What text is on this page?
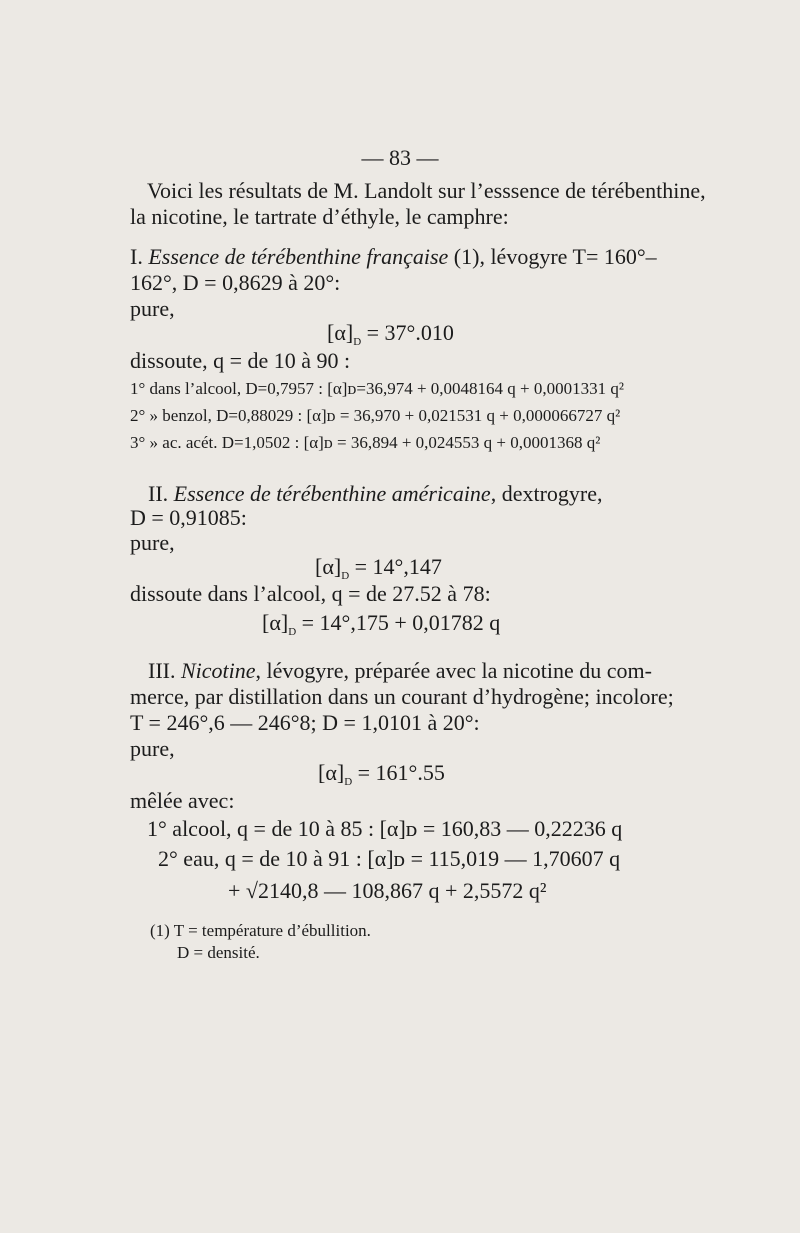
— 83 —
Voici les résultats de M. Landolt sur l’esssence de térébenthine,
la nicotine, le tartrate d’éthyle, le camphre:
I. Essence de térébenthine française (1), lévogyre T= 160°–
162°, D = 0,8629 à 20°:
pure,
$[\alpha]_D = 37^\circ.010$
dissoute, q = de 10 à 90 :
1° dans l’alcool, D=0,7957 : [α]ᴅ=36,974 + 0,0048164 q + 0,0001331 q²
2° » benzol, D=0,88029 : [α]ᴅ = 36,970 + 0,021531 q + 0,000066727 q²
3° » ac. acét. D=1,0502 : [α]ᴅ = 36,894 + 0,024553 q + 0,0001368 q²
II. Essence de térébenthine américaine, dextrogyre,
D = 0,91085:
pure,
$[\alpha]_D = 14^\circ,147$
dissoute dans l’alcool, q = de 27.52 à 78:
$[\alpha]_D = 14^\circ,175 + 0,01782$ q
III. Nicotine, lévogyre, préparée avec la nicotine du com-
merce, par distillation dans un courant d’hydrogène; incolore;
T = 246°,6 — 246°8; D = 1,0101 à 20°:
pure,
$[\alpha]_D = 161^\circ.55$
mêlée avec:
1° alcool, q = de 10 à 85 : [α]ᴅ = 160,83 — 0,22236 q
2° eau, q = de 10 à 91 : [α]ᴅ = 115,019 — 1,70607 q
+ √2140,8 — 108,867 q + 2,5572 q²
(1) T = température d’ébullition.
D = densité.
